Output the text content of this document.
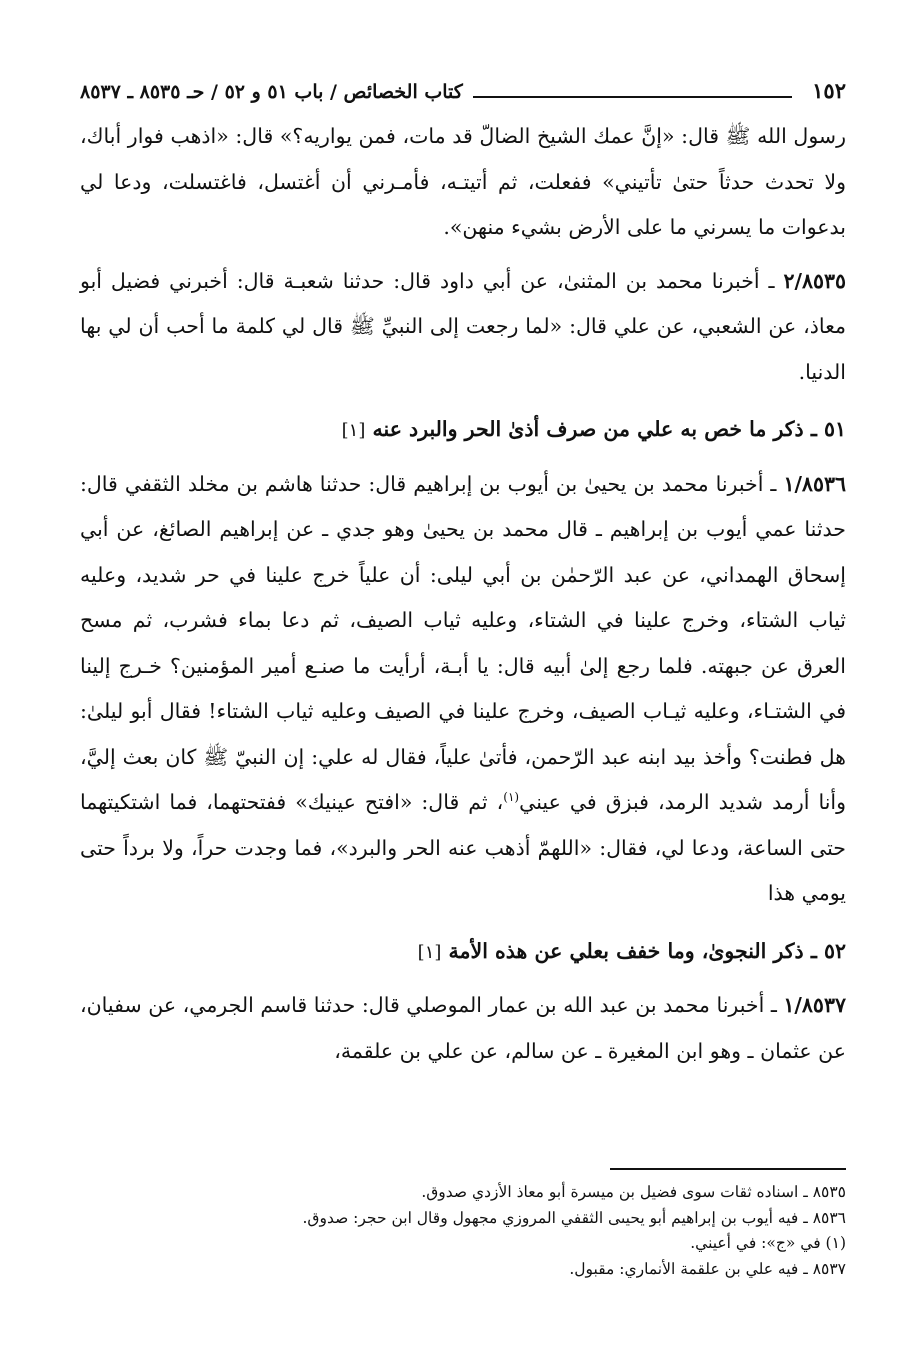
١٥٢
كتاب الخصائص / باب ٥١ و ٥٢ / حـ ٨٥٣٥ ـ ٨٥٣٧

رسول الله ﷺ قال: «إنَّ عمك الشيخ الضالّ قد مات، فمن يواريه؟» قال: «اذهب فوار أباك، ولا تحدث حدثاً حتىٰ تأتيني» ففعلت، ثم أتيتـه، فأمـرني أن أغتسل، فاغتسلت، ودعا لي بدعوات ما يسرني ما على الأرض بشيء منهن».

٢/٨٥٣٥ ـ أخبرنا محمد بن المثنىٰ، عن أبي داود قال: حدثنا شعبـة قال: أخبرني فضيل أبو معاذ، عن الشعبي، عن علي قال: «لما رجعت إلى النبيِّ ﷺ قال لي كلمة ما أحب أن لي بها الدنيا.

٥١ ـ ذكر ما خص به علي من صرف أذىٰ الحر والبرد عنه [١]

١/٨٥٣٦ ـ أخبرنا محمد بن يحيىٰ بن أيوب بن إبراهيم قال: حدثنا هاشم بن مخلد الثقفي قال: حدثنا عمي أيوب بن إبراهيم ـ قال محمد بن يحيىٰ وهو جدي ـ عن إبراهيم الصائغ، عن أبي إسحاق الهمداني، عن عبد الرّحمٰن بن أبي ليلى: أن علياً خرج علينا في حر شديد، وعليه ثياب الشتاء، وخرج علينا في الشتاء، وعليه ثياب الصيف، ثم دعا بماء فشرب، ثم مسح العرق عن جبهته. فلما رجع إلىٰ أبيه قال: يا أبـة، أرأيت ما صنـع أمير المؤمنين؟ خـرج إلينا في الشتـاء، وعليه ثيـاب الصيف، وخرج علينا في الصيف وعليه ثياب الشتاء! فقال أبو ليلىٰ: هل فطنت؟ وأخذ بيد ابنه عبد الرّحمن، فأتىٰ علياً، فقال له علي: إن النبيّ ﷺ كان بعث إليَّ، وأنا أرمد شديد الرمد، فبزق في عيني$^{(١)}$، ثم قال: «افتح عينيك» ففتحتهما، فما اشتكيتهما حتى الساعة، ودعا لي، فقال: «اللهمّ أذهب عنه الحر والبرد»، فما وجدت حراً، ولا برداً حتى يومي هذا

٥٢ ـ ذكر النجوىٰ، وما خفف بعلي عن هذه الأمة [١]

١/٨٥٣٧ ـ أخبرنا محمد بن عبد الله بن عمار الموصلي قال: حدثنا قاسم الجرمي، عن سفيان، عن عثمان ـ وهو ابن المغيرة ـ عن سالم، عن علي بن علقمة،

٨٥٣٥ ـ اسناده ثقات سوى فضيل بن ميسرة أبو معاذ الأزدي صدوق.
٨٥٣٦ ـ فيه أيوب بن إبراهيم أبو يحيىى الثقفي المروزي مجهول وقال ابن حجر: صدوق.
(١) في «ج»: في أعيني.
٨٥٣٧ ـ فيه علي بن علقمة الأنماري: مقبول.
